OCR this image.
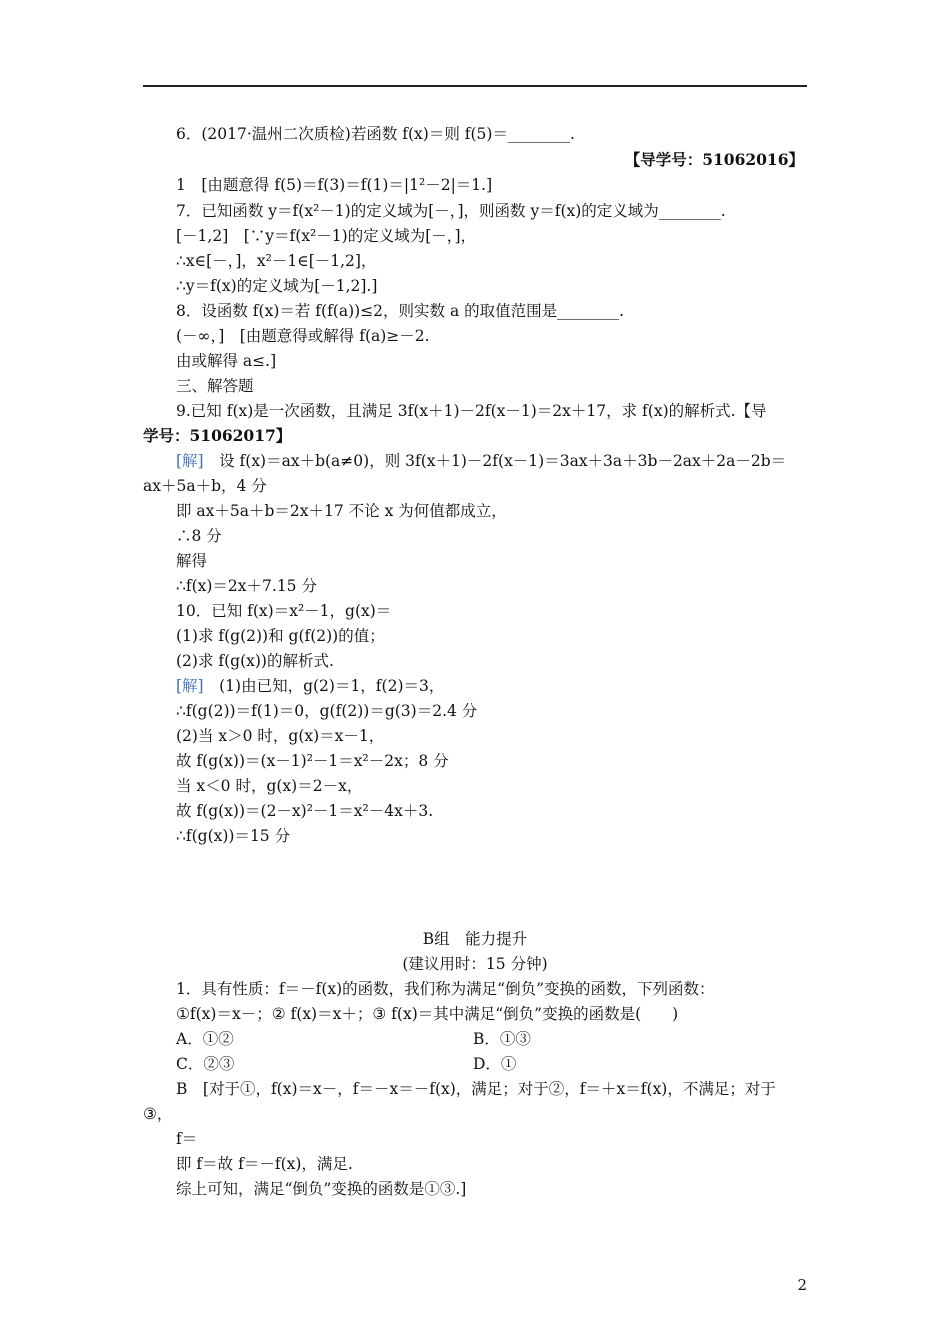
6．(2017·温州二次质检)若函数 f(x)＝则 f(5)＝________.
【导学号：51062016】
1　[由题意得 f(5)＝f(3)＝f(1)＝|1²－2|＝1.]
7．已知函数 y＝f(x²－1)的定义域为[－，]，则函数 y＝f(x)的定义域为________.
[－1,2]　[∵y＝f(x²－1)的定义域为[－，]，
∴x∈[－，]，x²－1∈[－1,2]，
∴y＝f(x)的定义域为[－1,2].]
8．设函数 f(x)＝若 f(f(a))≤2，则实数 a 的取值范围是________.
(－∞，]　[由题意得或解得 f(a)≥－2.
由或解得 a≤.]
三、解答题
9.已知 f(x)是一次函数，且满足 3f(x＋1)－2f(x－1)＝2x＋17，求 f(x)的解析式.【导
学号：51062017】
[解]　设 f(x)＝ax＋b(a≠0)，则 3f(x＋1)－2f(x－1)＝3ax＋3a＋3b－2ax＋2a－2b＝
ax＋5a＋b，4 分
即 ax＋5a＋b＝2x＋17 不论 x 为何值都成立，
∴8 分
解得
∴f(x)＝2x＋7.15 分
10．已知 f(x)＝x²－1，g(x)＝
(1)求 f(g(2))和 g(f(2))的值；
(2)求 f(g(x))的解析式.
[解]　(1)由已知，g(2)＝1，f(2)＝3，
∴f(g(2))＝f(1)＝0，g(f(2))＝g(3)＝2.4 分
(2)当 x＞0 时，g(x)＝x－1，
故 f(g(x))＝(x－1)²－1＝x²－2x；8 分
当 x＜0 时，g(x)＝2－x，
故 f(g(x))＝(2－x)²－1＝x²－4x＋3.
∴f(g(x))＝15 分
B组　能力提升
(建议用时：15 分钟)
1．具有性质：f＝－f(x)的函数，我们称为满足“倒负”变换的函数，下列函数：
①f(x)＝x－；② f(x)＝x＋；③ f(x)＝其中满足“倒负”变换的函数是(　　)
A．①②	B．①③
C．②③	D．①
B　[对于①，f(x)＝x－，f＝－x＝－f(x)，满足；对于②，f＝＋x＝f(x)，不满足；对于
③，
f＝
即 f＝故 f＝－f(x)，满足.
综上可知，满足“倒负”变换的函数是①③.]
2
